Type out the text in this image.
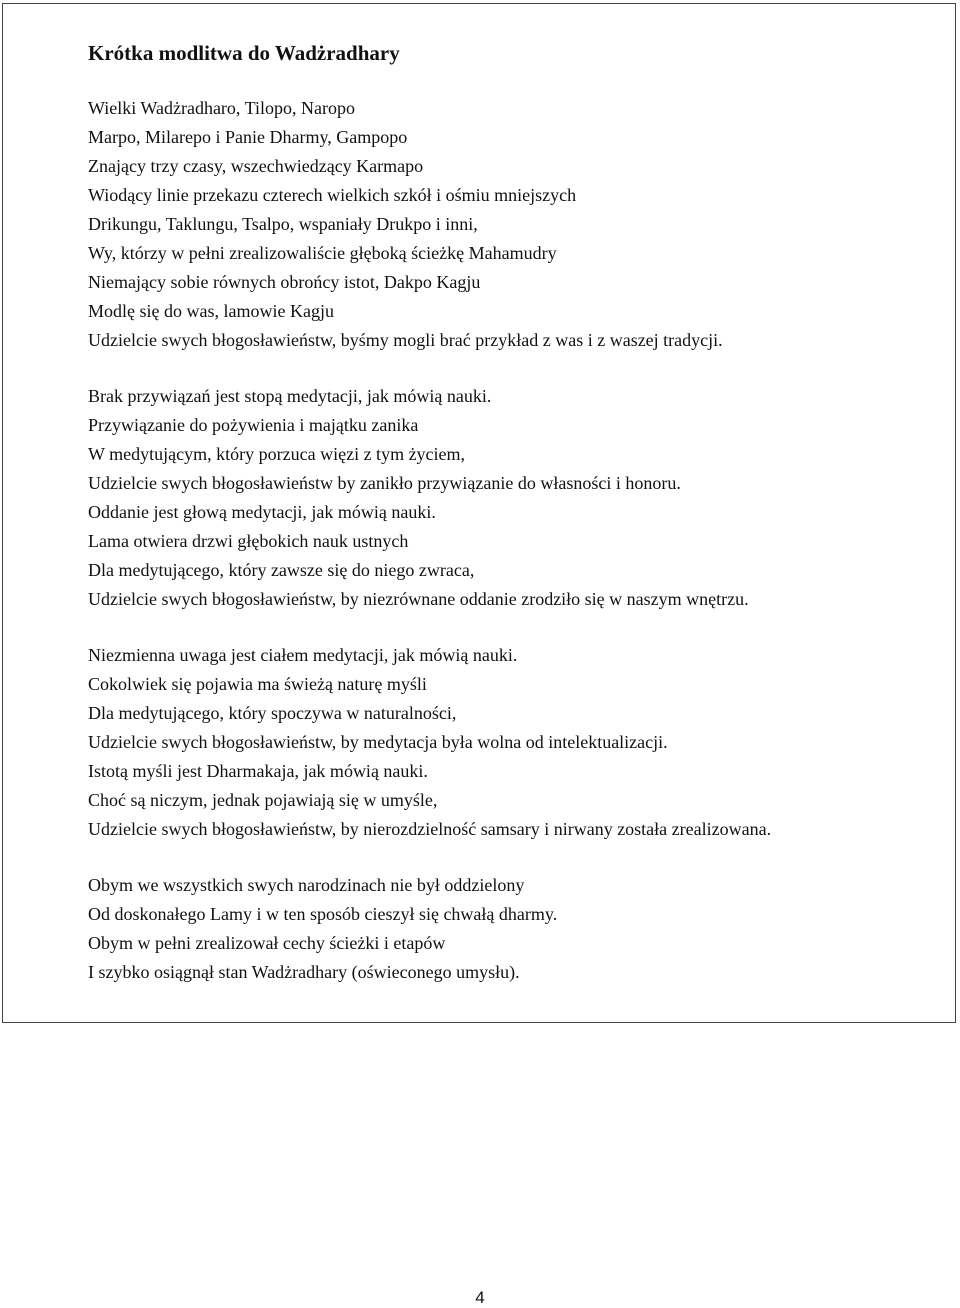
Krótka modlitwa do Wadżradhary
Wielki Wadżradharo, Tilopo, Naropo
Marpo, Milarepo i Panie Dharmy, Gampopo
Znający trzy czasy, wszechwiedzący Karmapo
Wiodący linie przekazu czterech wielkich szkół i ośmiu mniejszych
Drikungu, Taklungu, Tsalpo, wspaniały Drukpo i inni,
Wy, którzy w pełni zrealizowaliście głęboką ścieżkę Mahamudry
Niemający sobie równych obrońcy istot, Dakpo Kagju
Modlę się do was, lamowie Kagju
Udzielcie swych błogosławieństw, byśmy mogli brać przykład z was i z waszej tradycji.
Brak przywiązań jest stopą medytacji, jak mówią nauki.
Przywiązanie do pożywienia i majątku zanika
W medytującym, który porzuca więzi z tym życiem,
Udzielcie swych błogosławieństw by zanikło przywiązanie do własności i honoru.
Oddanie jest głową medytacji, jak mówią nauki.
Lama otwiera drzwi głębokich nauk ustnych
Dla medytującego, który zawsze się do niego zwraca,
Udzielcie swych błogosławieństw, by niezrównane oddanie zrodziło się w naszym wnętrzu.
Niezmienna uwaga jest ciałem medytacji, jak mówią nauki.
Cokolwiek się pojawia ma świeżą naturę myśli
Dla medytującego, który spoczywa w naturalności,
Udzielcie swych błogosławieństw, by medytacja była wolna od intelektualizacji.
Istotą myśli jest Dharmakaja, jak mówią nauki.
Choć są niczym, jednak pojawiają się w umyśle,
Udzielcie swych błogosławieństw, by nierozdzielność samsary i nirwany została zrealizowana.
Obym we wszystkich swych narodzinach nie był oddzielony
Od doskonałego Lamy i w ten sposób cieszył się chwałą dharmy.
Obym w pełni zrealizował cechy ścieżki i etapów
I szybko osiągnął stan Wadżradhary (oświeconego umysłu).
4
